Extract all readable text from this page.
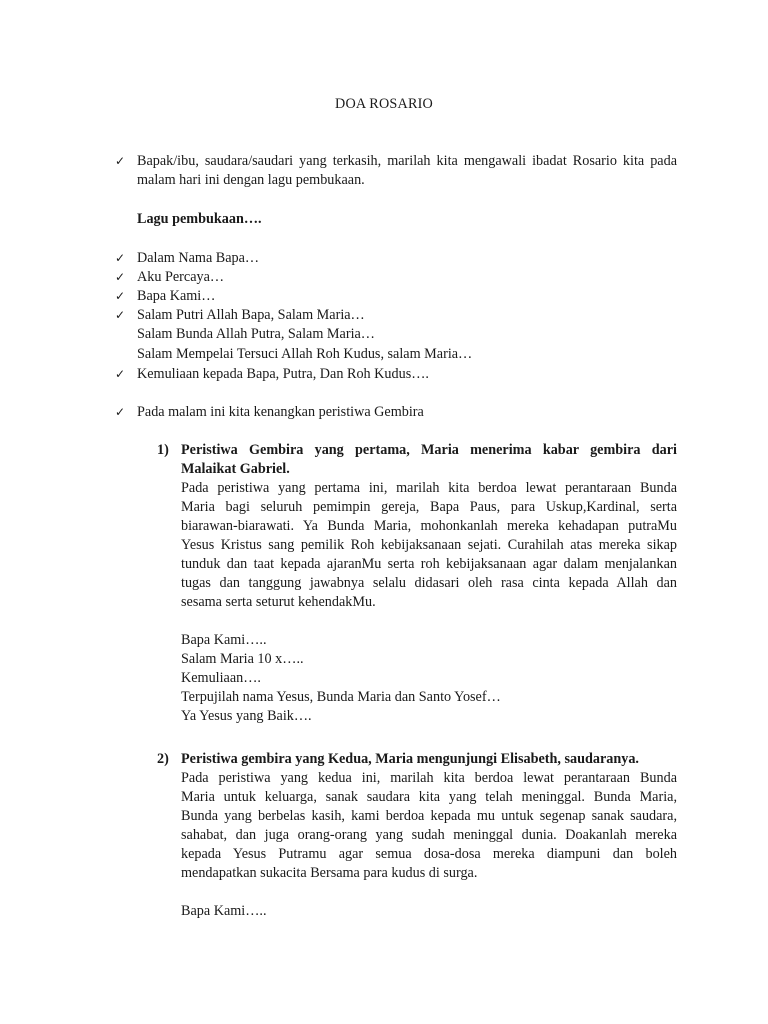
DOA ROSARIO
✓ Bapak/ibu, saudara/saudari yang terkasih, marilah kita mengawali ibadat Rosario kita pada malam hari ini dengan lagu pembukaan.
Lagu pembukaan….
✓ Dalam Nama Bapa…
✓ Aku Percaya…
✓ Bapa Kami…
✓ Salam Putri Allah Bapa, Salam Maria…
Salam Bunda Allah Putra, Salam Maria…
Salam Mempelai Tersuci Allah Roh Kudus, salam Maria…
✓ Kemuliaan kepada Bapa, Putra, Dan Roh Kudus….
✓ Pada malam ini kita kenangkan peristiwa Gembira
1) Peristiwa Gembira yang pertama, Maria menerima kabar gembira dari
Malaikat Gabriel.
Pada peristiwa yang pertama ini, marilah kita berdoa lewat perantaraan Bunda
Maria bagi seluruh pemimpin gereja, Bapa Paus, para Uskup,Kardinal, serta
biarawan-biarawati. Ya Bunda Maria, mohonkanlah mereka kehadapan putraMu
Yesus Kristus sang pemilik Roh kebijaksanaan sejati. Curahilah atas mereka sikap
tunduk dan taat kepada ajaranMu serta roh kebijaksanaan agar dalam menjalankan
tugas dan tanggung jawabnya selalu didasari oleh rasa cinta kepada Allah dan
sesama serta seturut kehendakMu.
Bapa Kami…..
Salam Maria 10 x…..
Kemuliaan….
Terpujilah nama Yesus, Bunda Maria dan Santo Yosef…
Ya Yesus yang Baik….
2) Peristiwa gembira yang Kedua, Maria mengunjungi Elisabeth, saudaranya.
Pada peristiwa yang kedua ini, marilah kita berdoa lewat perantaraan Bunda
Maria untuk keluarga, sanak saudara kita yang telah meninggal. Bunda Maria,
Bunda yang berbelas kasih, kami berdoa kepada mu untuk segenap sanak saudara,
sahabat, dan juga orang-orang yang sudah meninggal dunia. Doakanlah mereka
kepada Yesus Putramu agar semua dosa-dosa mereka diampuni dan boleh
mendapatkan sukacita Bersama para kudus di surga.
Bapa Kami…..
